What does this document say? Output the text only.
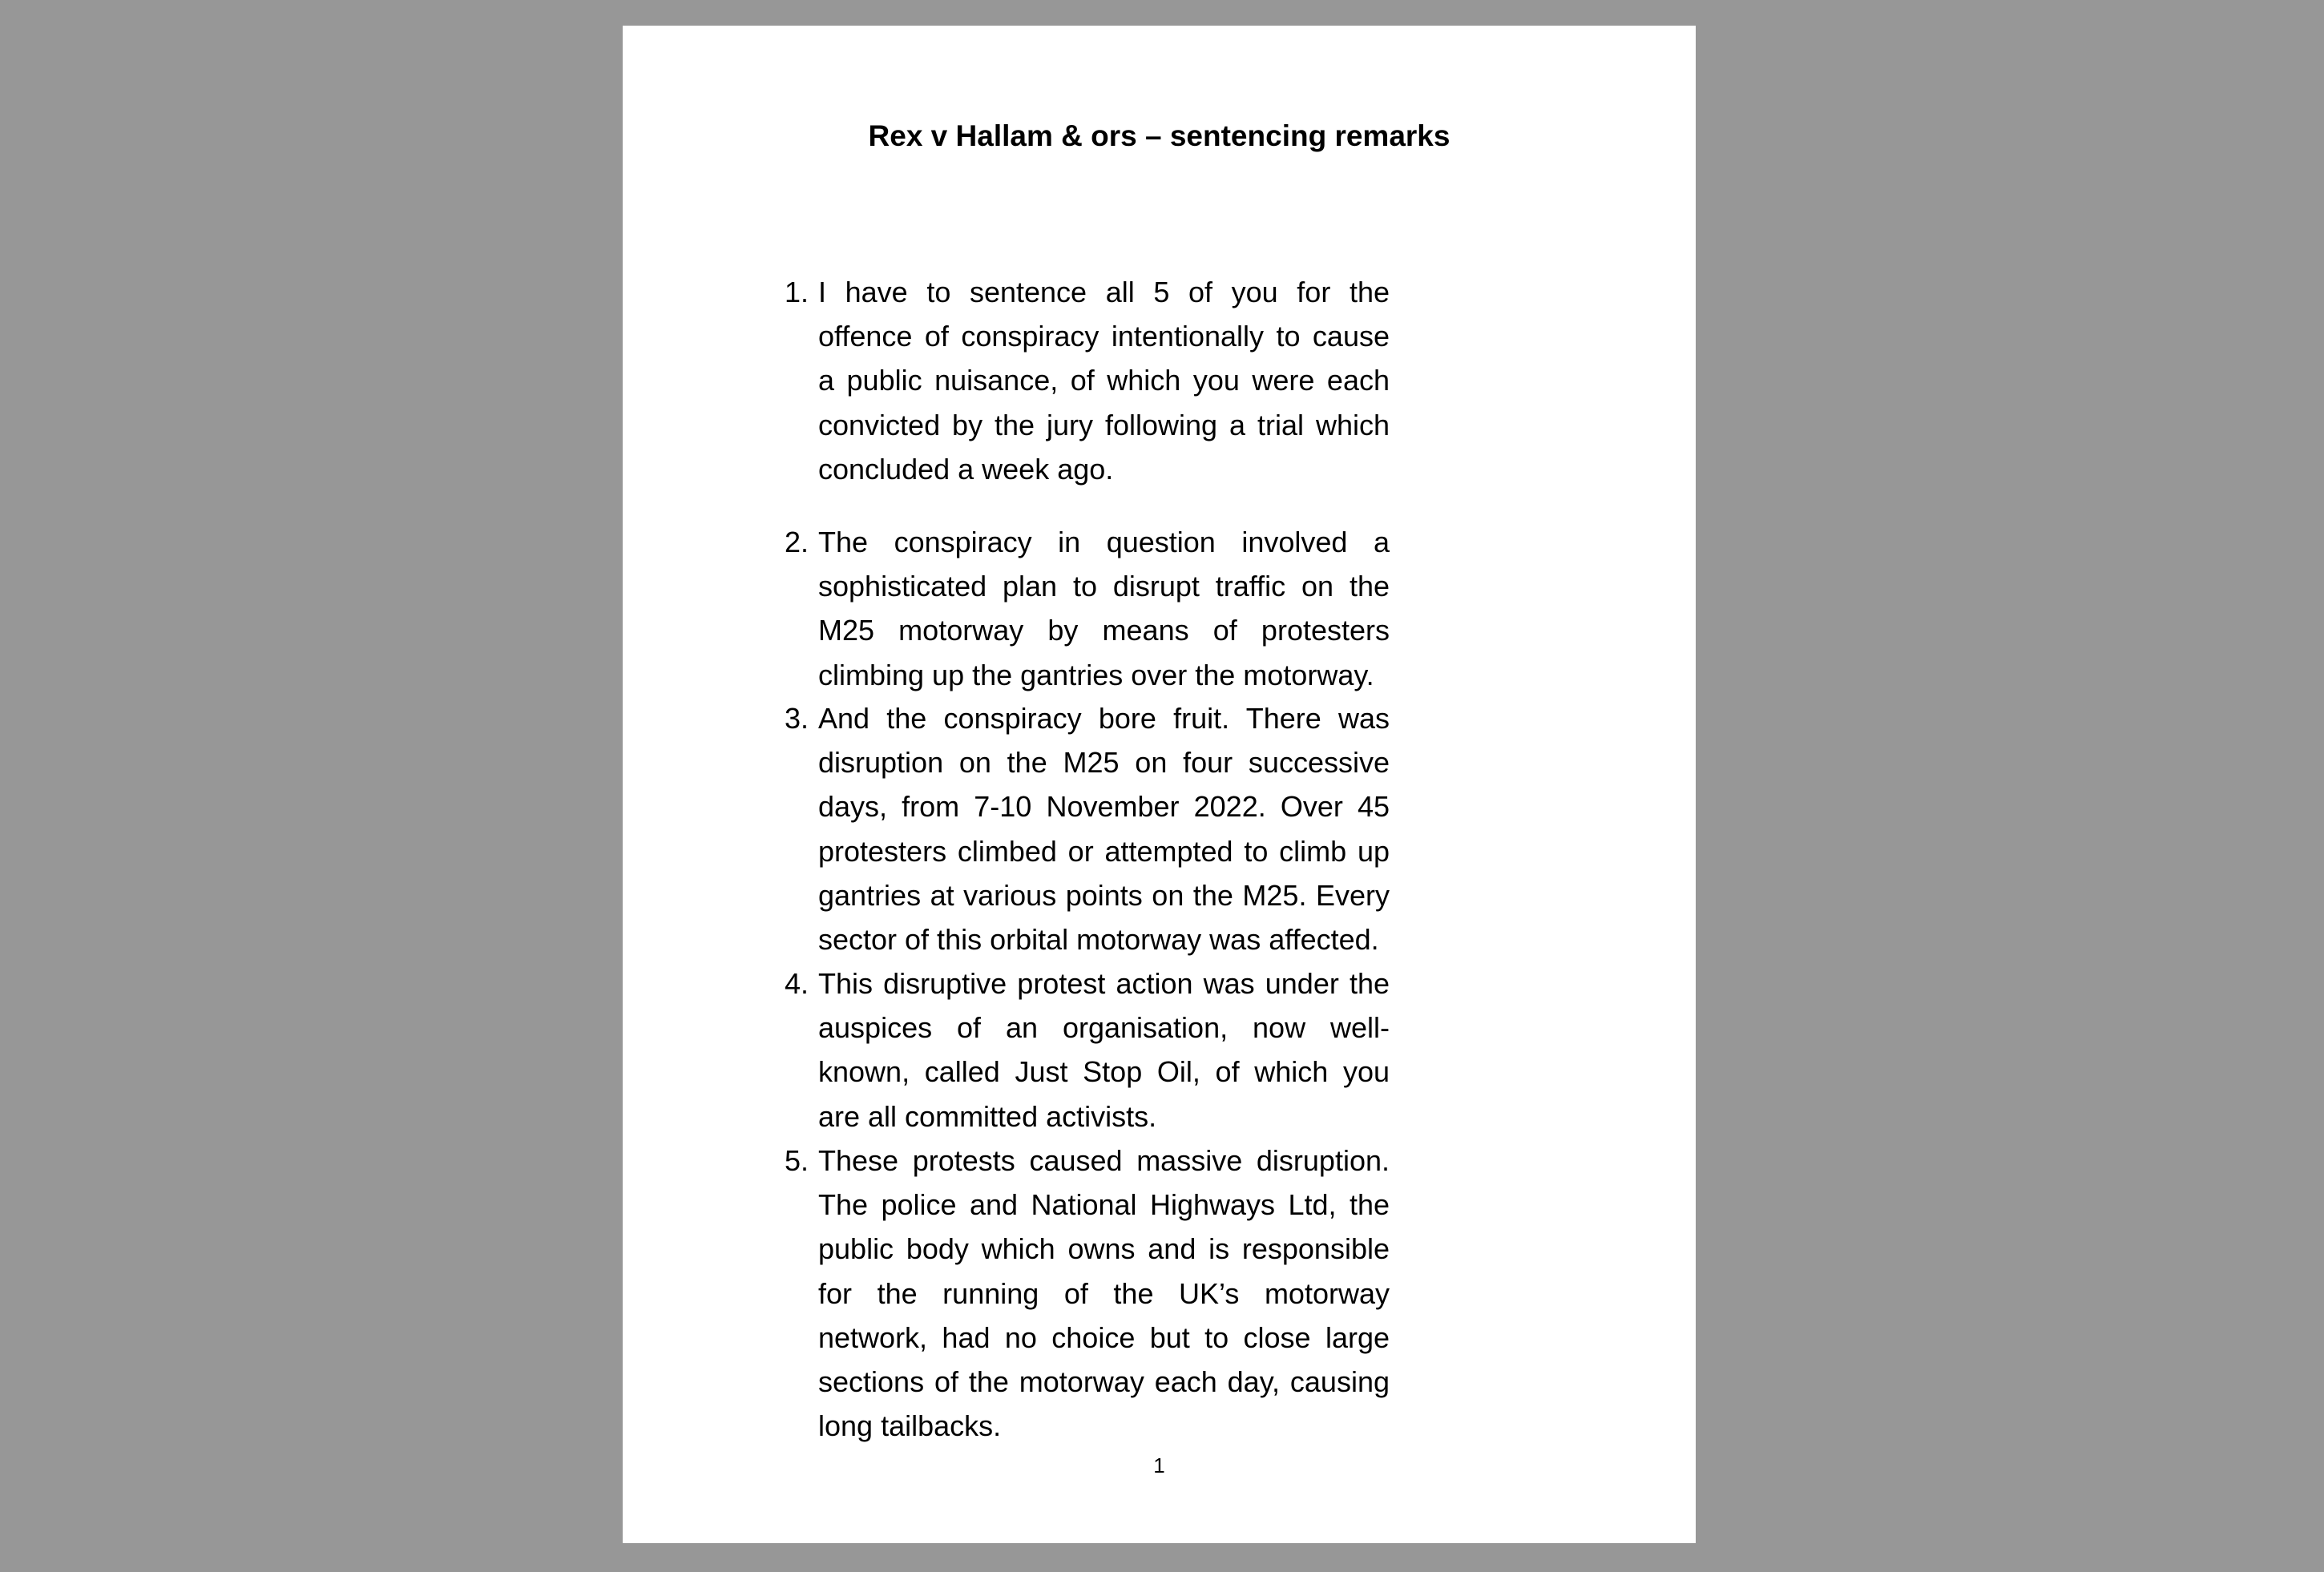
Rex v Hallam & ors – sentencing remarks
1. I have to sentence all 5 of you for the offence of conspiracy intentionally to cause a public nuisance, of which you were each convicted by the jury following a trial which concluded a week ago.
2. The conspiracy in question involved a sophisticated plan to disrupt traffic on the M25 motorway by means of protesters climbing up the gantries over the motorway.
3. And the conspiracy bore fruit. There was disruption on the M25 on four successive days, from 7-10 November 2022. Over 45 protesters climbed or attempted to climb up gantries at various points on the M25. Every sector of this orbital motorway was affected.
4. This disruptive protest action was under the auspices of an organisation, now well-known, called Just Stop Oil, of which you are all committed activists.
5. These protests caused massive disruption. The police and National Highways Ltd, the public body which owns and is responsible for the running of the UK’s motorway network, had no choice but to close large sections of the motorway each day, causing long tailbacks.
1
